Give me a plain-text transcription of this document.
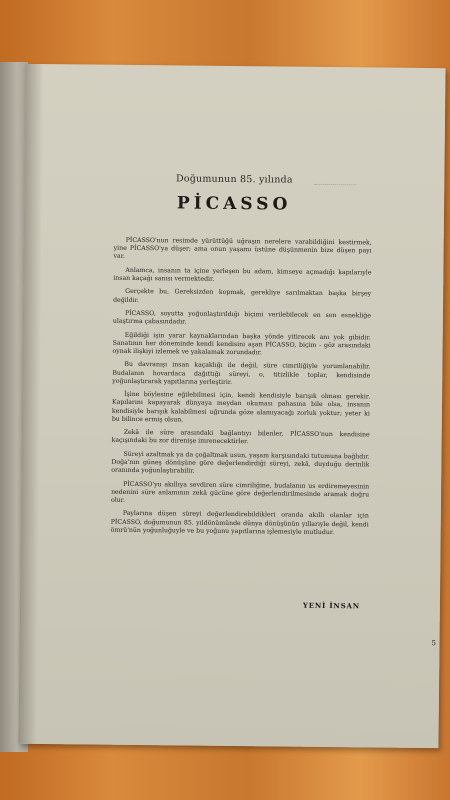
Doğumunun 85. yılında
PİCASSO

PİCASSO'nun resimde yürüttüğü uğraşın nerelere varabildiğini kestirmek, yine PİCASSO'ya düşer; ama onun yaşamı üstüne düşünmenin bize düşen payı var.

Anlamca, insanın ta içine yerleşen bu adam, kimseye açmadığı kapılarıyle insan kaçağı sanısı vermektedir.

Gerçekte bu, Gereksizden kopmak, gerekliye sarılmaktan başka birşey değildir.

PİCASSO, soyutta yoğunlaştırıldığı biçimi verilebilecek en son esnekliğe ulaştırma çabasındadır.

Eğildiği işin yarar kaynaklarından başka yönde yitirecek anı yok gibidir. Sanatının her döneminde kendi kendisini aşan PİCASSO, biçim - göz arasındaki oynak ilişkiyi izlemek ve yakalamak zorundadır.

Bu davranışı insan kaçaklığı ile değil, süre cimriliğiyle yorumlanabilir. Budalanın hovardaca dağıttığı süreyi, o, titizlikle toplar, kendisinde yoğunlaştırarak yapıtlarına yerleştirir.

İşine böylesine eğilebilmesi için, kendi kendisiyle barışık olması gerekir. Kapılarını kapayarak dünyaya meydan okuması pahasına bile olsa, insanın kendisiyle barışık kalabilmesi uğrunda göze alamıyacağı zorluk yoktur; yeter ki bu bilince ermiş olsun.

Zekâ ile süre arasındaki bağlantıyı bilenler, PİCASSO'nun kendisine kaçışındaki bu zor direnişe imrenecektirler.

Süreyi azaltmak ya da çoğaltmak usun, yaşam karşısındaki tutumuna bağlıdır. Doğa'nın güneş dönüşüne göre değerlendirdiği süreyi, zekâ, duyduğu derinlik oranında yoğunlaştırabilir.

PİCASSO'yu akıllıya sevdiren süre cimriliğine, budalanın us erdiremeyesinin nedenini süre anlamının zekâ gücüne göre değerlendirilmesinde aramak doğru olur.

Paylarına düşen süreyi değerlendirebildikleri oranda akıllı olanlar için PİCASSO, doğumunun 85. yıldönümünde dünya dönüşünün yıllarıyle değil, kendi ömrü'nün yoğunluğuyle ve bu yoğunu yapıtlarına işlemesiyle mutludur.

YENİ İNSAN
5
